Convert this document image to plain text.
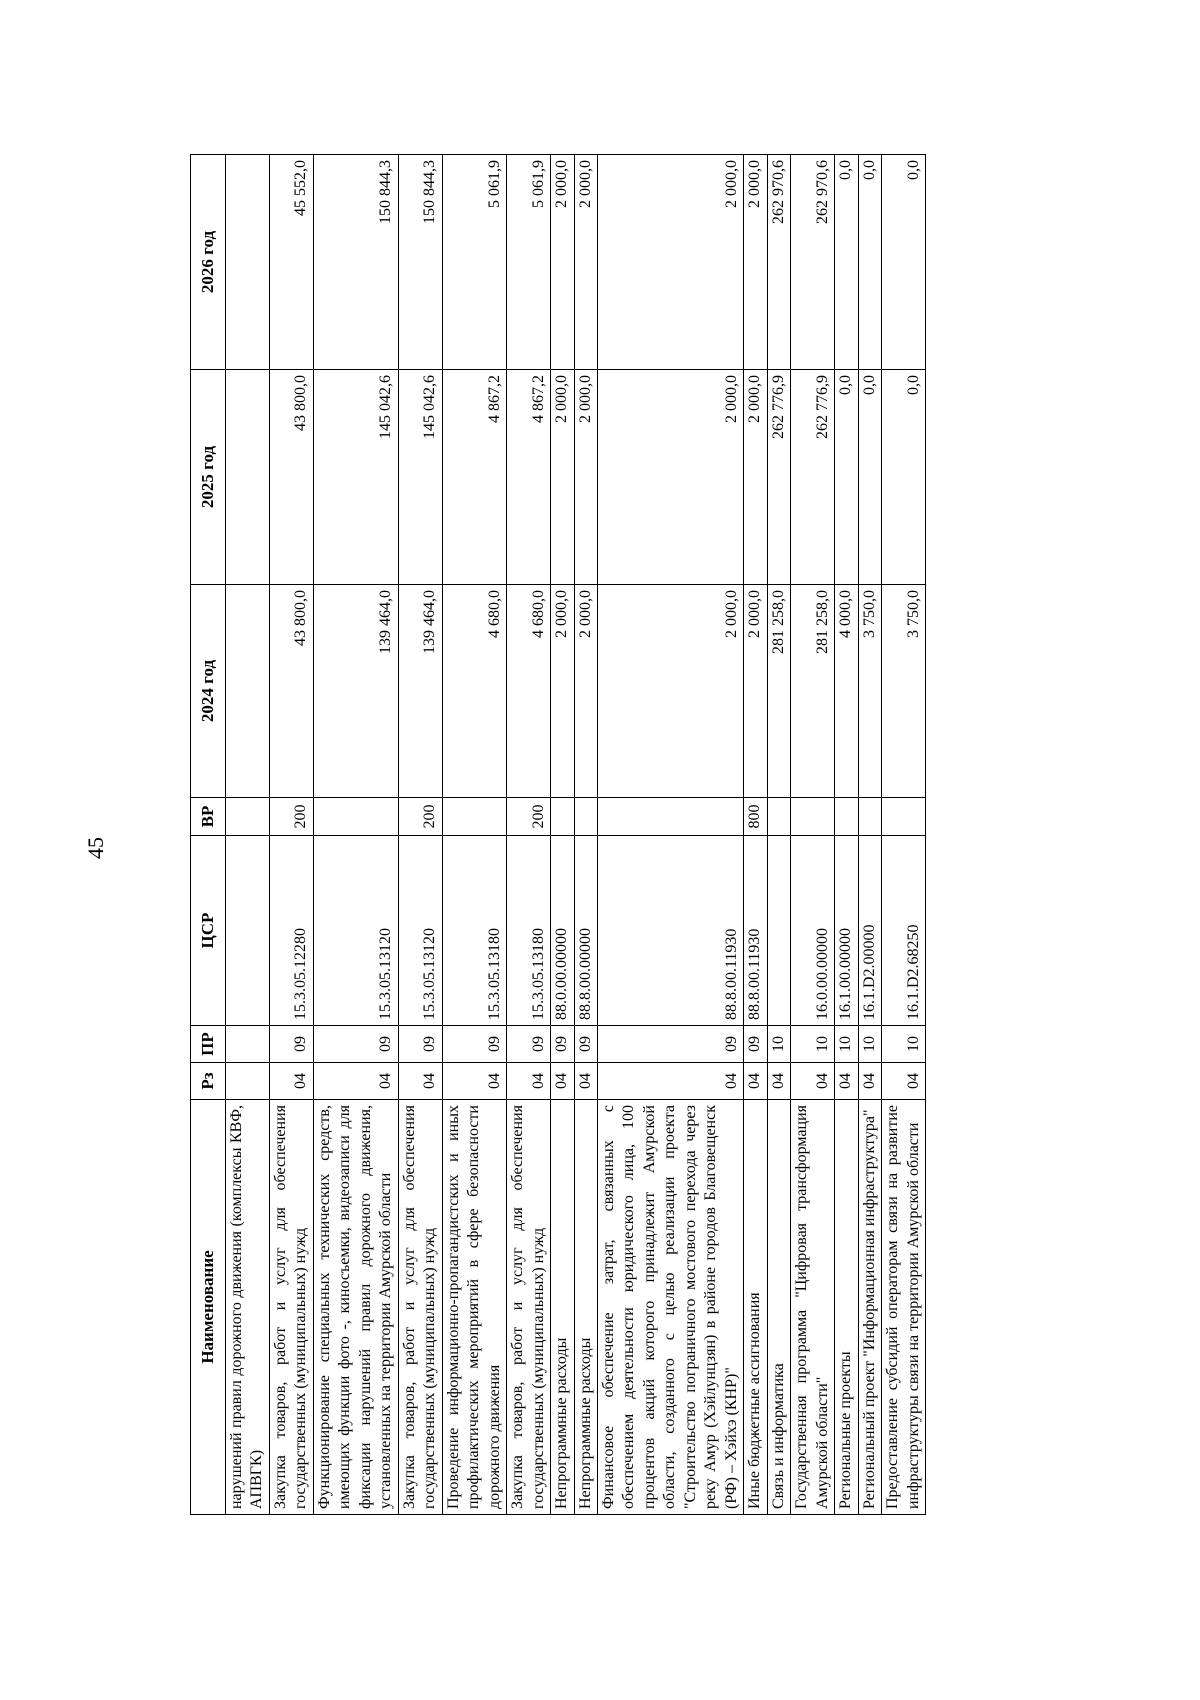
45
Наименование	Рз	ПР	ЦСР	ВР	2024 год	2025 год	2026 год
нарушений правил дорожного движения (комплексы КВФ, АПВГК)							
Закупка товаров, работ и услуг для обеспечения государственных (муниципальных) нужд	04	09	15.3.05.12280	200	43 800,0	43 800,0	45 552,0
Функционирование специальных технических средств, имеющих функции фото -, киносъемки, видеозаписи для фиксации нарушений правил дорожного движения, установленных на территории Амурской области	04	09	15.3.05.13120		139 464,0	145 042,6	150 844,3
Закупка товаров, работ и услуг для обеспечения государственных (муниципальных) нужд	04	09	15.3.05.13120	200	139 464,0	145 042,6	150 844,3
Проведение информационно-пропагандистских и иных профилактических мероприятий в сфере безопасности дорожного движения	04	09	15.3.05.13180		4 680,0	4 867,2	5 061,9
Закупка товаров, работ и услуг для обеспечения государственных (муниципальных) нужд	04	09	15.3.05.13180	200	4 680,0	4 867,2	5 061,9
Непрограммные расходы	04	09	88.0.00.00000		2 000,0	2 000,0	2 000,0
Непрограммные расходы	04	09	88.8.00.00000		2 000,0	2 000,0	2 000,0
Финансовое обеспечение затрат, связанных с обеспечением деятельности юридического лица, 100 процентов акций которого принадлежит Амурской области, созданного с целью реализации проекта "Строительство пограничного мостового перехода через реку Амур (Хэйлунцзян) в районе городов Благовещенск (РФ) – Хэйхэ (КНР)"	04	09	88.8.00.11930		2 000,0	2 000,0	2 000,0
Иные бюджетные ассигнования	04	09	88.8.00.11930	800	2 000,0	2 000,0	2 000,0
Связь и информатика	04	10			281 258,0	262 776,9	262 970,6
Государственная программа "Цифровая трансформация Амурской области"	04	10	16.0.00.00000		281 258,0	262 776,9	262 970,6
Региональные проекты	04	10	16.1.00.00000		4 000,0	0,0	0,0
Региональный проект "Информационная инфраструктура"	04	10	16.1.D2.00000		3 750,0	0,0	0,0
Предоставление субсидий операторам связи на развитие инфраструктуры связи на территории Амурской области	04	10	16.1.D2.68250		3 750,0	0,0	0,0
